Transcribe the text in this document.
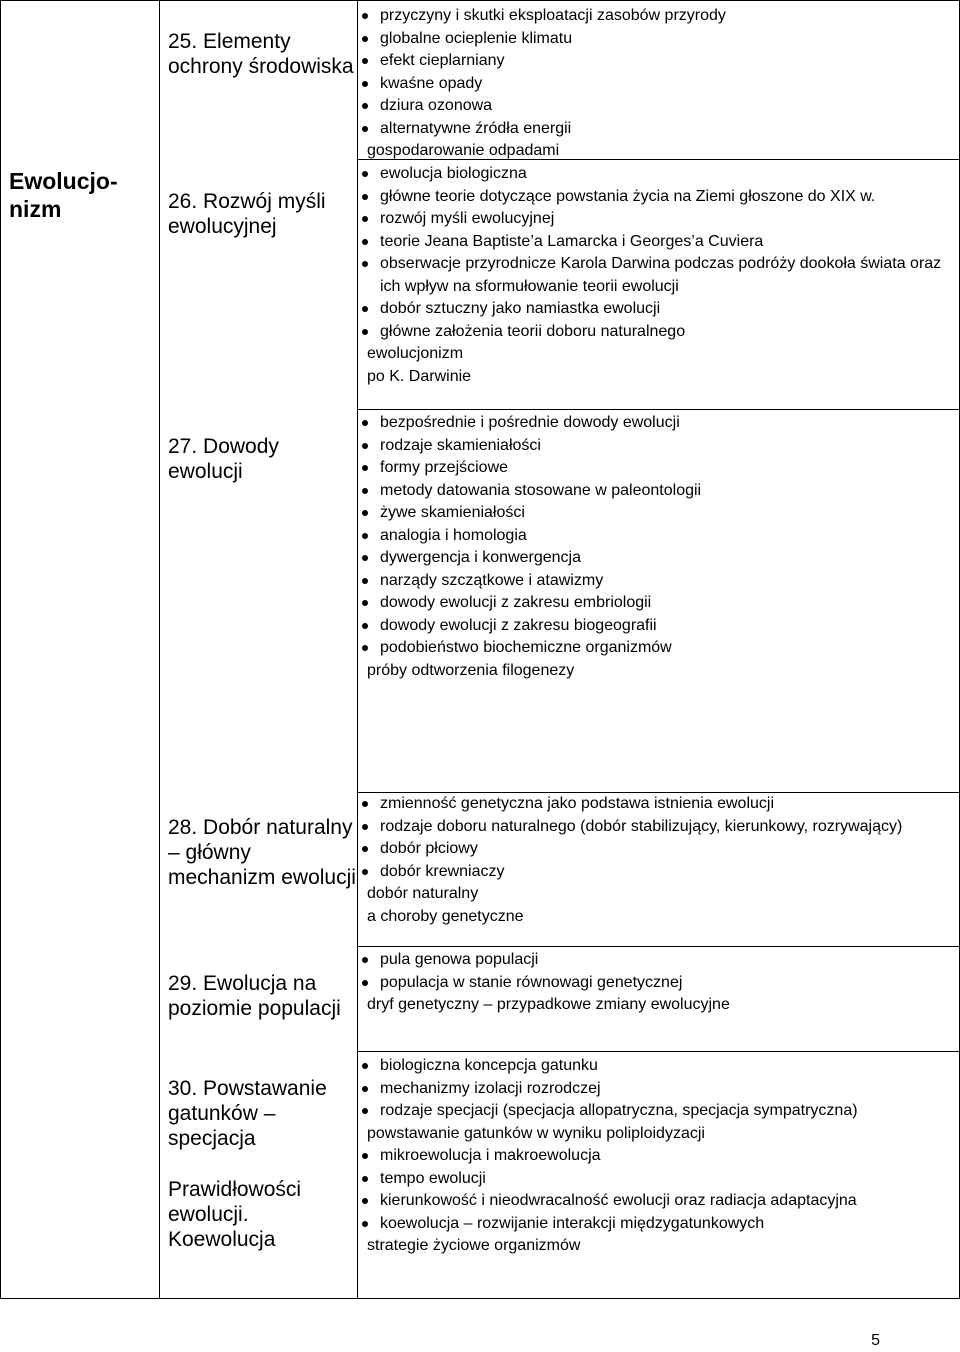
Ewolucjo-nizm
25. Elementy ochrony środowiska
26. Rozwój myśli ewolucyjnej
27. Dowody ewolucji
28. Dobór naturalny – główny mechanizm ewolucji
29. Ewolucja na poziomie populacji
30. Powstawanie gatunków – specjacja
Prawidłowości ewolucji. Koewolucja
przyczyny i skutki eksploatacji zasobów przyrody
globalne ocieplenie klimatu
efekt cieplarniany
kwaśne opady
dziura ozonowa
alternatywne źródła energii
gospodarowanie odpadami
ewolucja biologiczna
główne teorie dotyczące powstania życia na Ziemi głoszone do XIX w.
rozwój myśli ewolucyjnej
teorie Jeana Baptiste’a Lamarcka i Georges’a Cuviera
obserwacje przyrodnicze Karola Darwina podczas podróży dookoła świata oraz ich wpływ na sformułowanie teorii ewolucji
dobór sztuczny jako namiastka ewolucji
główne założenia teorii doboru naturalnego
ewolucjonizm
po K. Darwinie
bezpośrednie i pośrednie dowody ewolucji
rodzaje skamieniałości
formy przejściowe
metody datowania stosowane w paleontologii
żywe skamieniałości
analogia i homologia
dywergencja i konwergencja
narządy szczątkowe i atawizmy
dowody ewolucji z zakresu embriologii
dowody ewolucji z zakresu biogeografii
podobieństwo biochemiczne organizmów
próby odtworzenia filogenezy
zmienność genetyczna jako podstawa istnienia ewolucji
rodzaje doboru naturalnego (dobór stabilizujący, kierunkowy, rozrywający)
dobór płciowy
dobór krewniaczy
dobór naturalny
a choroby genetyczne
pula genowa populacji
populacja w stanie równowagi genetycznej
dryf genetyczny – przypadkowe zmiany ewolucyjne
biologiczna koncepcja gatunku
mechanizmy izolacji rozrodczej
rodzaje specjacji (specjacja allopatryczna, specjacja sympatryczna)
powstawanie gatunków w wyniku poliploidyzacji
mikroewolucja i makroewolucja
tempo ewolucji
kierunkowość i nieodwracalność ewolucji oraz radiacja adaptacyjna
koewolucja – rozwijanie interakcji międzygatunkowych
strategie życiowe organizmów
5
